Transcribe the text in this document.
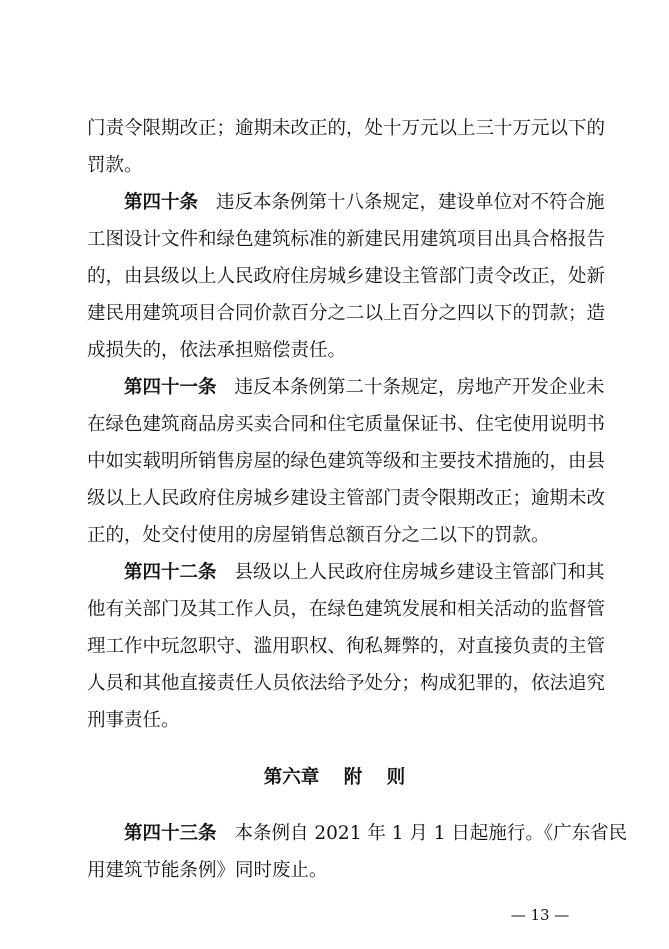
门责令限期改正；逾期未改正的，处十万元以上三十万元以下的
罚款。
第四十条 违反本条例第十八条规定，建设单位对不符合施
工图设计文件和绿色建筑标准的新建民用建筑项目出具合格报告
的，由县级以上人民政府住房城乡建设主管部门责令改正，处新
建民用建筑项目合同价款百分之二以上百分之四以下的罚款；造
成损失的，依法承担赔偿责任。
第四十一条 违反本条例第二十条规定，房地产开发企业未
在绿色建筑商品房买卖合同和住宅质量保证书、住宅使用说明书
中如实载明所销售房屋的绿色建筑等级和主要技术措施的，由县
级以上人民政府住房城乡建设主管部门责令限期改正；逾期未改
正的，处交付使用的房屋销售总额百分之二以下的罚款。
第四十二条 县级以上人民政府住房城乡建设主管部门和其
他有关部门及其工作人员，在绿色建筑发展和相关活动的监督管
理工作中玩忽职守、滥用职权、徇私舞弊的，对直接负责的主管
人员和其他直接责任人员依法给予处分；构成犯罪的，依法追究
刑事责任。
第六章 附 则
第四十三条 本条例自 2021 年 1 月 1 日起施行。《广东省民
用建筑节能条例》同时废止。
— 13 —
